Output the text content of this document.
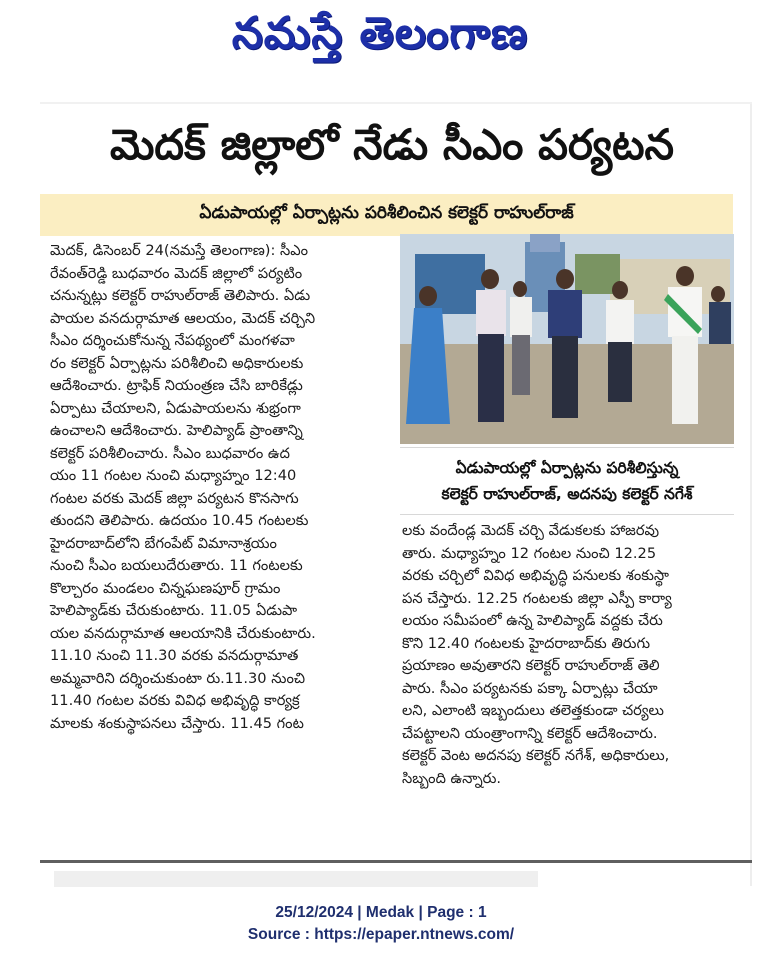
నమస్తే తెలంగాణ
మెదక్ జిల్లాలో నేడు సీఎం పర్యటన
ఏడుపాయల్లో ఏర్పాట్లను పరిశీలించిన కలెక్టర్ రాహుల్‌రాజ్

మెదక్, డిసెంబర్ 24(నమస్తే తెలంగాణ): సీఎం

రేవంత్‌రెడ్డి బుధవారం మెదక్ జిల్లాలో పర్యటిం

చనున్నట్లు కలెక్టర్ రాహుల్‌రాజ్ తెలిపారు. ఏడు

పాయల వనదుర్గామాత ఆలయం, మెదక్ చర్చిని

సీఎం దర్శించుకోనున్న నేపథ్యంలో మంగళవా

రం కలెక్టర్ ఏర్పాట్లను పరిశీలించి అధికారులకు

ఆదేశించారు. ట్రాఫిక్ నియంత్రణ చేసి బారికేడ్లు

ఏర్పాటు చేయాలని, ఏడుపాయలను శుభ్రంగా

ఉంచాలని ఆదేశించారు. హెలిప్యాడ్ ప్రాంతాన్ని

కలెక్టర్ పరిశీలించారు. సీఎం బుధవారం ఉద

యం 11 గంటల నుంచి మధ్యాహ్నం 12:40

గంటల వరకు మెదక్ జిల్లా పర్యటన కొనసాగు

తుందని తెలిపారు. ఉదయం 10.45 గంటలకు

హైదరాబాద్‌లోని బేగంపేట్ విమానాశ్రయం

నుంచి సీఎం బయలుదేరుతారు. 11 గంటలకు

కొల్చారం మండలం చిన్నఘణపూర్ గ్రామం

హెలిప్యాడ్‌కు చేరుకుంటారు. 11.05 ఏడుపా

యల వనదుర్గామాత ఆలయానికి చేరుకుంటారు.

11.10 నుంచి 11.30 వరకు వనదుర్గామాత

అమ్మవారిని దర్శించుకుంటా రు.11.30 నుంచి

11.40 గంటల వరకు వివిధ అభివృద్ధి కార్యక్ర

మాలకు శంకుస్థాపనలు చేస్తారు. 11.45 గంట

ఏడుపాయల్లో ఏర్పాట్లను పరిశీలిస్తున్న
కలెక్టర్ రాహుల్‌రాజ్, అదనపు కలెక్టర్ నగేశ్

లకు వందేండ్ల మెదక్ చర్చి వేడుకలకు హాజరవు

తారు. మధ్యాహ్నం 12 గంటల నుంచి 12.25

వరకు చర్చిలో వివిధ అభివృద్ధి పనులకు శంకుస్థా

పన చేస్తారు. 12.25 గంటలకు జిల్లా ఎస్పీ కార్యా

లయం సమీపంలో ఉన్న హెలిప్యాడ్ వద్దకు చేరు

కొని 12.40 గంటలకు హైదరాబాద్‌కు తిరుగు

ప్రయాణం అవుతారని కలెక్టర్ రాహుల్‌రాజ్ తెలి

పారు. సీఎం పర్యటనకు పక్కా ఏర్పాట్లు చేయా

లని, ఎలాంటి ఇబ్బందులు తలెత్తకుండా చర్యలు

చేపట్టాలని యంత్రాంగాన్ని కలెక్టర్ ఆదేశించారు.

కలెక్టర్ వెంట అదనపు కలెక్టర్ నగేశ్, అధికారులు,

సిబ్బంది ఉన్నారు.

25/12/2024 | Medak | Page : 1
Source : https://epaper.ntnews.com/
